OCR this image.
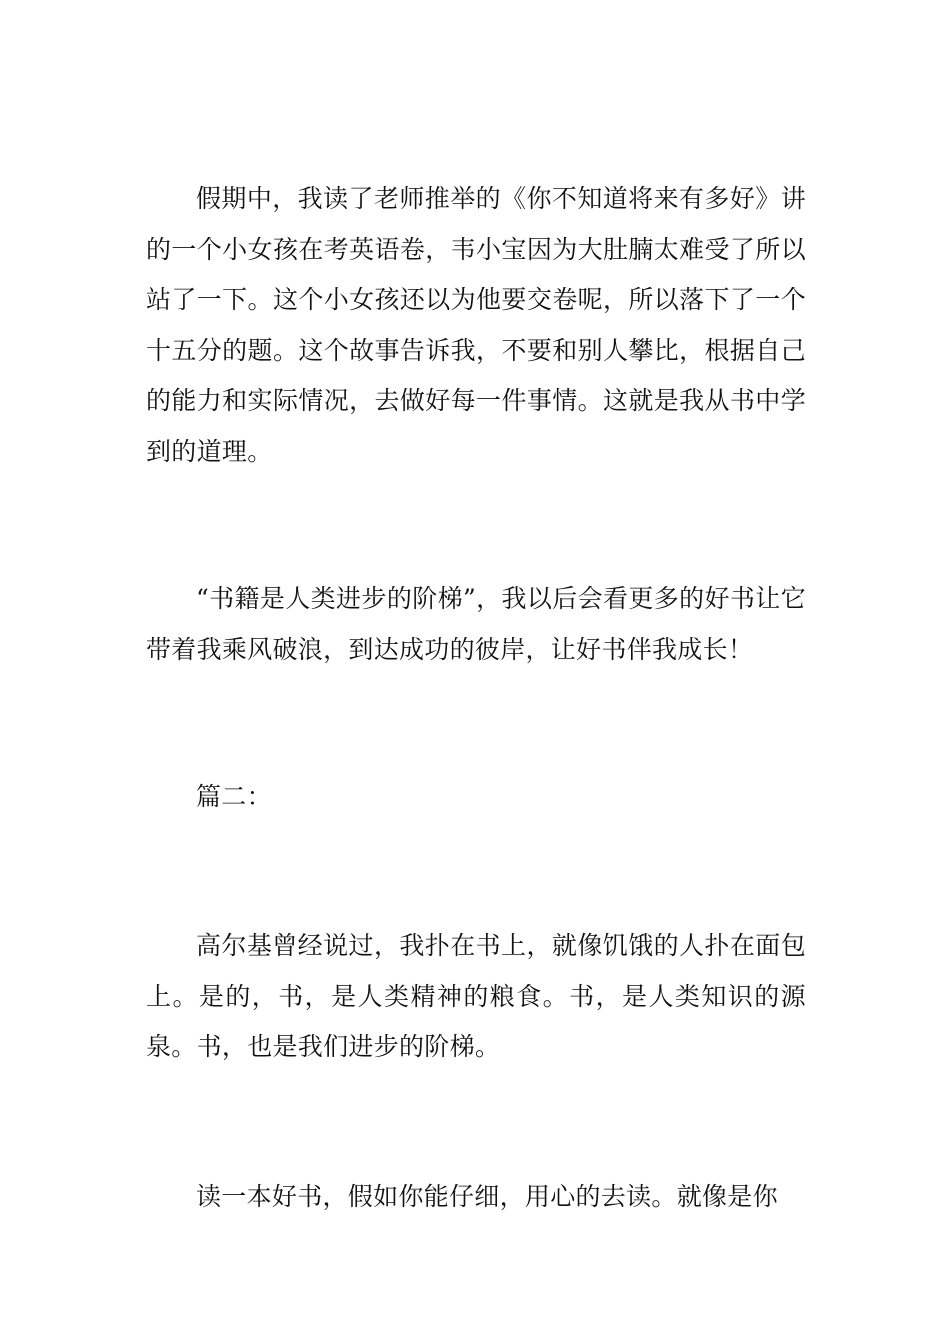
假期中，我读了老师推举的《你不知道将来有多好》讲的一个小女孩在考英语卷，韦小宝因为大肚腩太难受了所以站了一下。这个小女孩还以为他要交卷呢，所以落下了一个十五分的题。这个故事告诉我，不要和别人攀比，根据自己的能力和实际情况，去做好每一件事情。这就是我从书中学到的道理。

“书籍是人类进步的阶梯”，我以后会看更多的好书让它带着我乘风破浪，到达成功的彼岸，让好书伴我成长！

篇二：

高尔基曾经说过，我扑在书上，就像饥饿的人扑在面包上。是的，书，是人类精神的粮食。书，是人类知识的源泉。书，也是我们进步的阶梯。

读一本好书，假如你能仔细，用心的去读。就像是你
